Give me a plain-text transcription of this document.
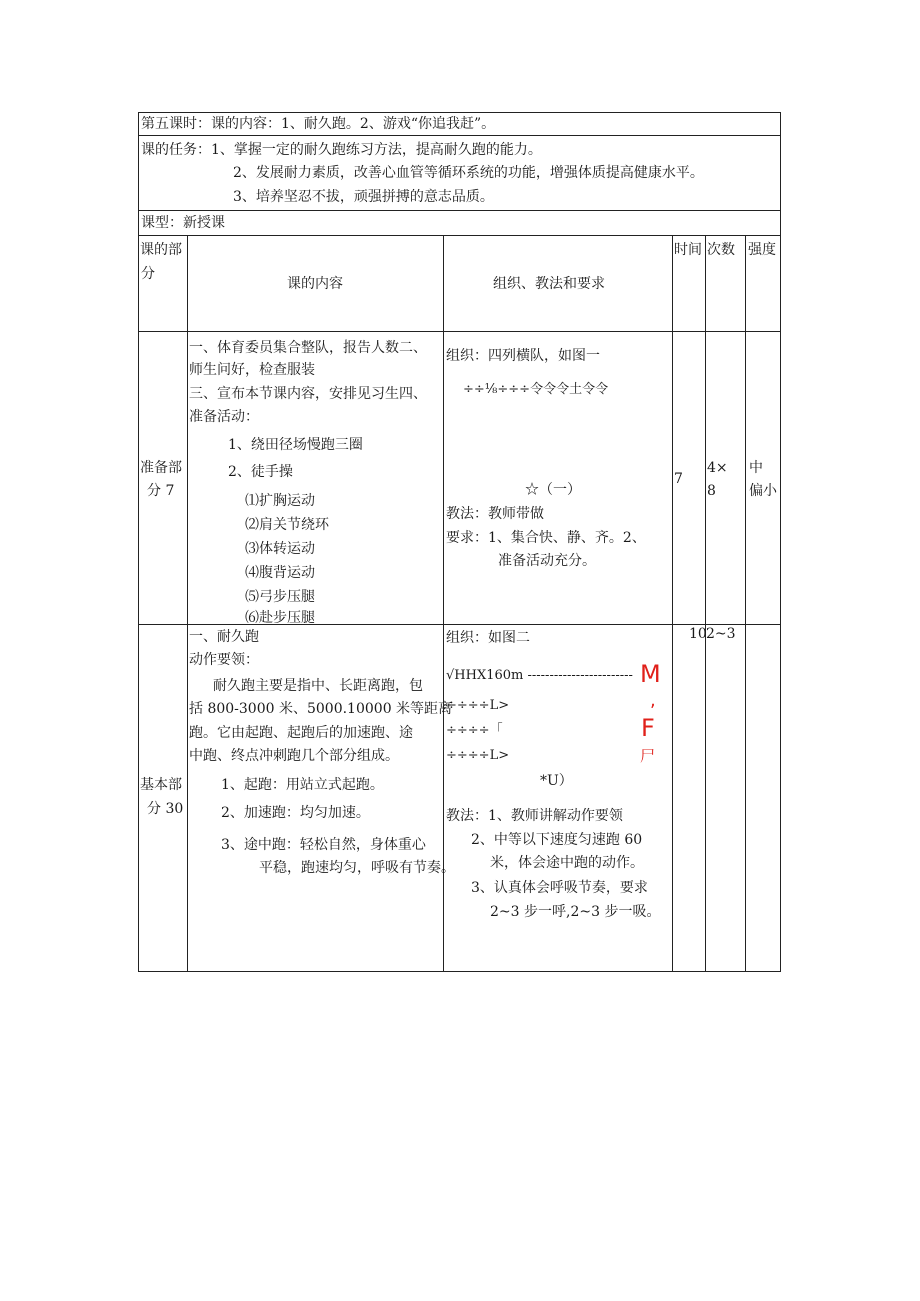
第五课时：课的内容：1、耐久跑。2、游戏“你追我赶”。
课的任务：1、掌握一定的耐久跑练习方法，提高耐久跑的能力。
2、发展耐力素质，改善心血管等循环系统的功能，增强体质提高健康水平。
3、培养坚忍不拔，顽强拼搏的意志品质。
课型：新授课
课的部
分
课的内容	组织、教法和要求
时间 次数 强度
准备部
分 7
一、体育委员集合整队，报告人数二、
师生问好，检查服装
三、宣布本节课内容，安排见习生四、
准备活动：
1、绕田径场慢跑三圈
2、徒手操
⑴扩胸运动
⑵肩关节绕环
⑶体转运动
⑷腹背运动
⑸弓步压腿
⑹赴步压腿
组织：四列横队，如图一
÷÷⅛÷÷÷令令令土令令
☆（一）
教法：教师带做
要求：1、集合快、静、齐。2、
准备活动充分。
7
4×
8
中
偏小
基本部
分 30
一、耐久跑
动作要领：
耐久跑主要是指中、长距离跑，包
括 800-3000 米、5000.10000 米等距离
跑。它由起跑、起跑后的加速跑、途
中跑、终点冲刺跑几个部分组成。
1、起跑：用站立式起跑。
2、加速跑：均匀加速。
3、途中跑：轻松自然，身体重心
平稳，跑速均匀，呼吸有节奏。
组织：如图二
√HHX160m ------------------------
÷÷÷÷L>
÷÷÷÷「
÷÷÷÷L>
*U）
M
,
F
尸
教法：1、教师讲解动作要领
2、中等以下速度匀速跑 60
米，体会途中跑的动作。
3、认真体会呼吸节奏，要求
2~3 步一呼,2~3 步一吸。
10 2~3
